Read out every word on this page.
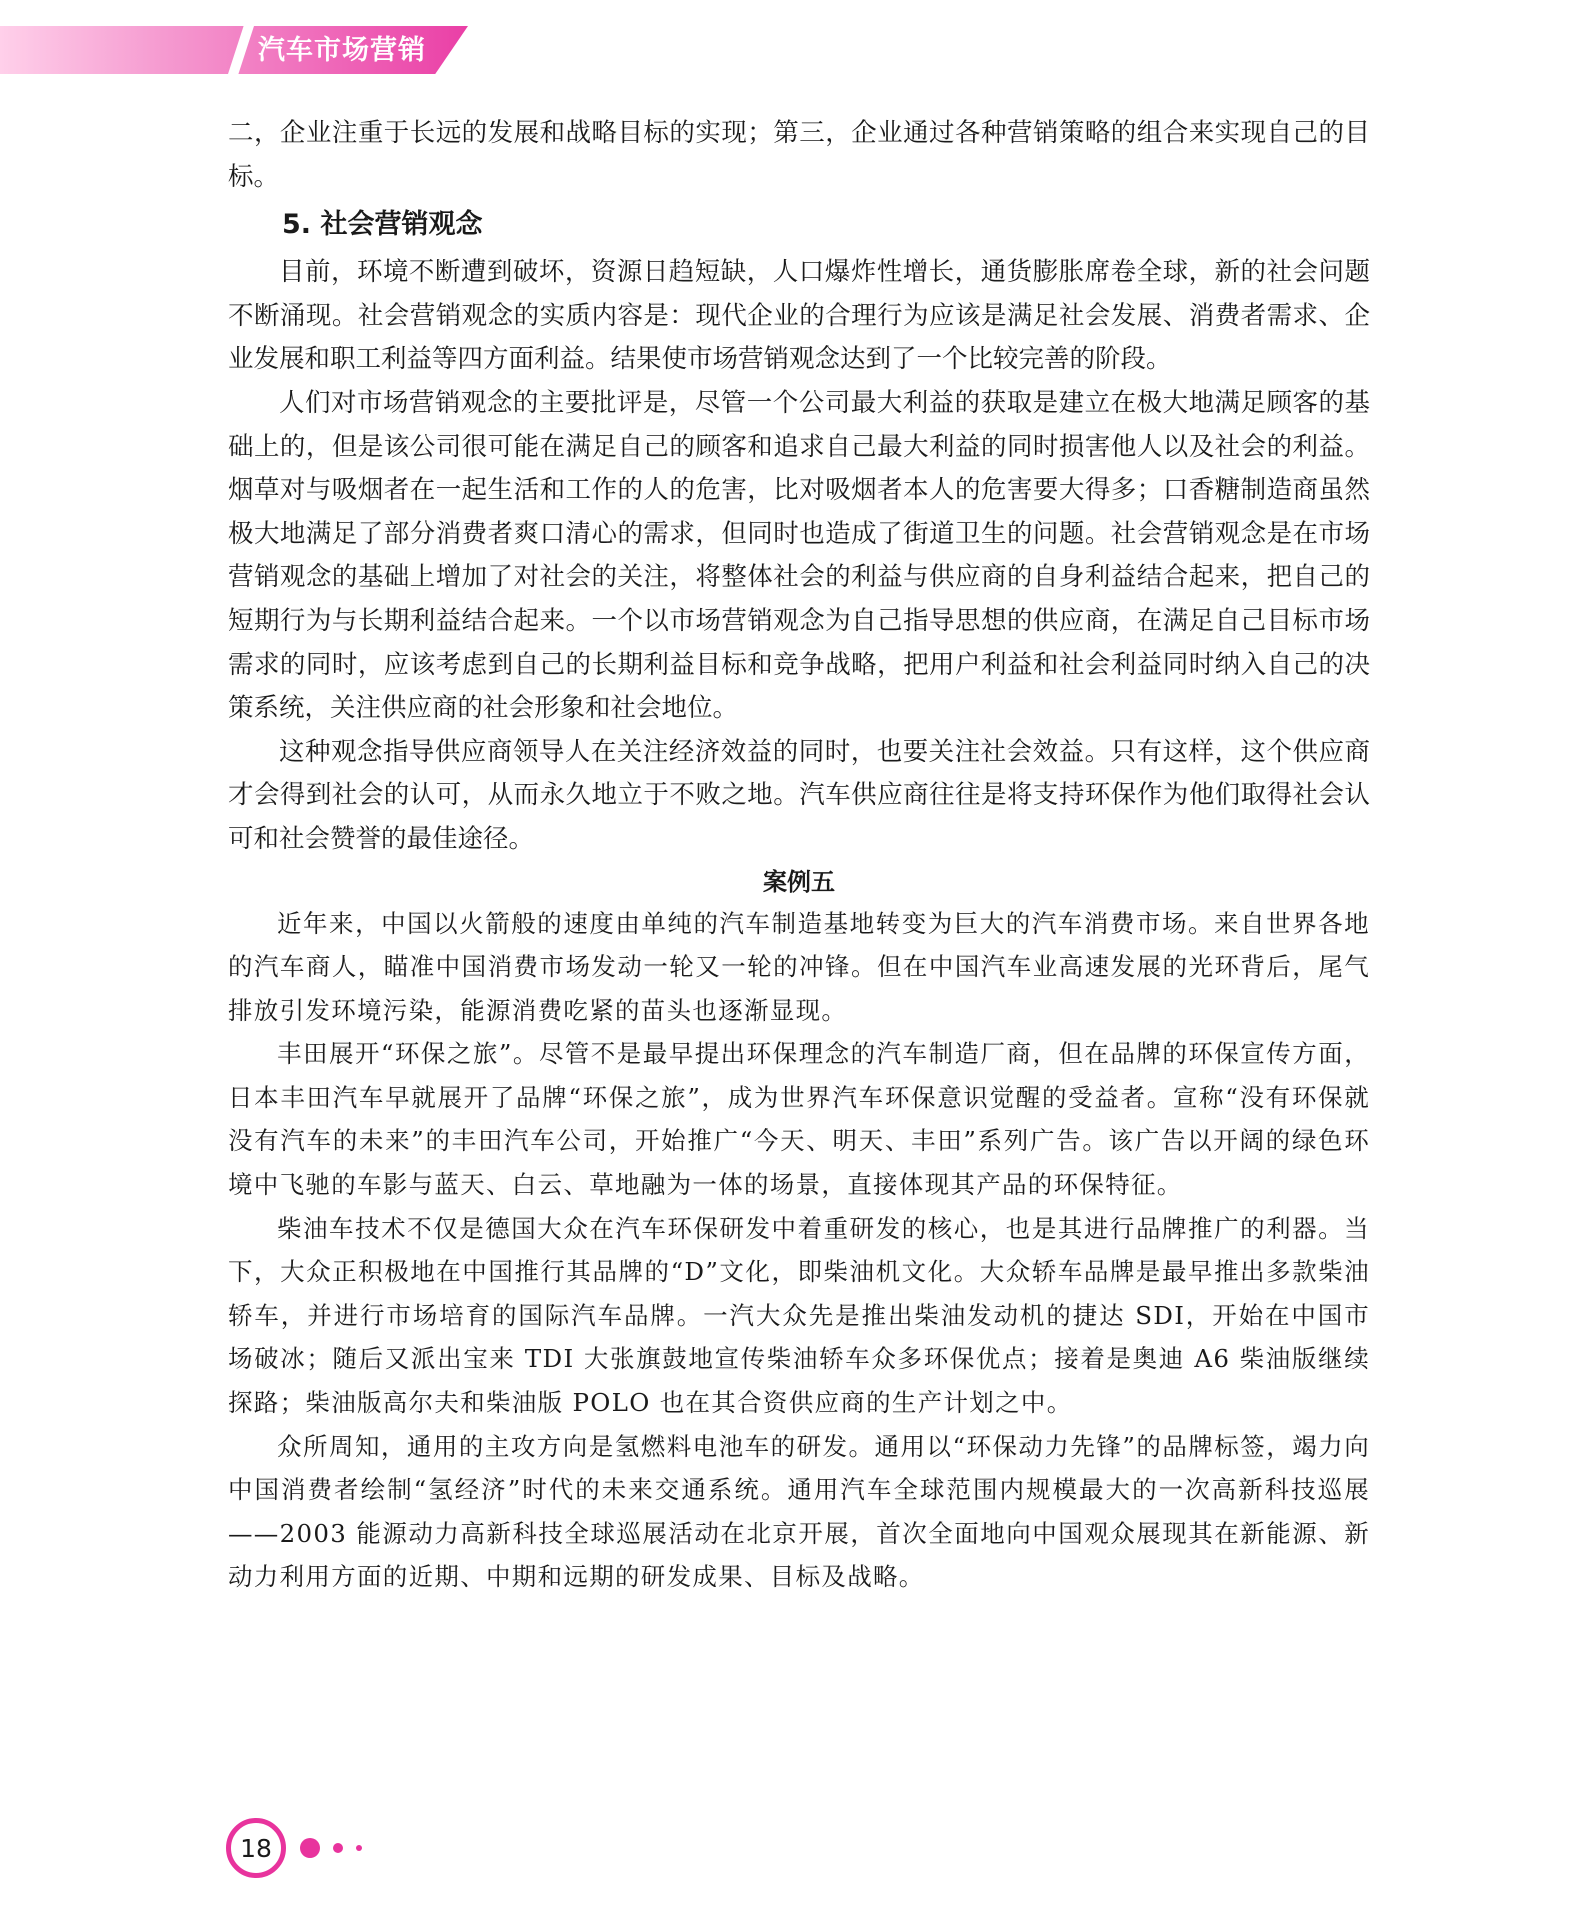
汽车市场营销

二，企业注重于长远的发展和战略目标的实现；第三，企业通过各种营销策略的组合来实现自己的目标。

5. 社会营销观念

目前，环境不断遭到破坏，资源日趋短缺，人口爆炸性增长，通货膨胀席卷全球，新的社会问题不断涌现。社会营销观念的实质内容是：现代企业的合理行为应该是满足社会发展、消费者需求、企业发展和职工利益等四方面利益。结果使市场营销观念达到了一个比较完善的阶段。

人们对市场营销观念的主要批评是，尽管一个公司最大利益的获取是建立在极大地满足顾客的基础上的，但是该公司很可能在满足自己的顾客和追求自己最大利益的同时损害他人以及社会的利益。烟草对与吸烟者在一起生活和工作的人的危害，比对吸烟者本人的危害要大得多；口香糖制造商虽然极大地满足了部分消费者爽口清心的需求，但同时也造成了街道卫生的问题。社会营销观念是在市场营销观念的基础上增加了对社会的关注，将整体社会的利益与供应商的自身利益结合起来，把自己的短期行为与长期利益结合起来。一个以市场营销观念为自己指导思想的供应商，在满足自己目标市场需求的同时，应该考虑到自己的长期利益目标和竞争战略，把用户利益和社会利益同时纳入自己的决策系统，关注供应商的社会形象和社会地位。

这种观念指导供应商领导人在关注经济效益的同时，也要关注社会效益。只有这样，这个供应商才会得到社会的认可，从而永久地立于不败之地。汽车供应商往往是将支持环保作为他们取得社会认可和社会赞誉的最佳途径。

案例五

近年来，中国以火箭般的速度由单纯的汽车制造基地转变为巨大的汽车消费市场。来自世界各地的汽车商人，瞄准中国消费市场发动一轮又一轮的冲锋。但在中国汽车业高速发展的光环背后，尾气排放引发环境污染，能源消费吃紧的苗头也逐渐显现。

丰田展开“环保之旅”。尽管不是最早提出环保理念的汽车制造厂商，但在品牌的环保宣传方面，日本丰田汽车早就展开了品牌“环保之旅”，成为世界汽车环保意识觉醒的受益者。宣称“没有环保就没有汽车的未来”的丰田汽车公司，开始推广“今天、明天、丰田”系列广告。该广告以开阔的绿色环境中飞驰的车影与蓝天、白云、草地融为一体的场景，直接体现其产品的环保特征。

柴油车技术不仅是德国大众在汽车环保研发中着重研发的核心，也是其进行品牌推广的利器。当下，大众正积极地在中国推行其品牌的“D”文化，即柴油机文化。大众轿车品牌是最早推出多款柴油轿车，并进行市场培育的国际汽车品牌。一汽大众先是推出柴油发动机的捷达 SDI，开始在中国市场破冰；随后又派出宝来 TDI 大张旗鼓地宣传柴油轿车众多环保优点；接着是奥迪 A6 柴油版继续探路；柴油版高尔夫和柴油版 POLO 也在其合资供应商的生产计划之中。

众所周知，通用的主攻方向是氢燃料电池车的研发。通用以“环保动力先锋”的品牌标签，竭力向中国消费者绘制“氢经济”时代的未来交通系统。通用汽车全球范围内规模最大的一次高新科技巡展——2003 能源动力高新科技全球巡展活动在北京开展，首次全面地向中国观众展现其在新能源、新动力利用方面的近期、中期和远期的研发成果、目标及战略。

18
